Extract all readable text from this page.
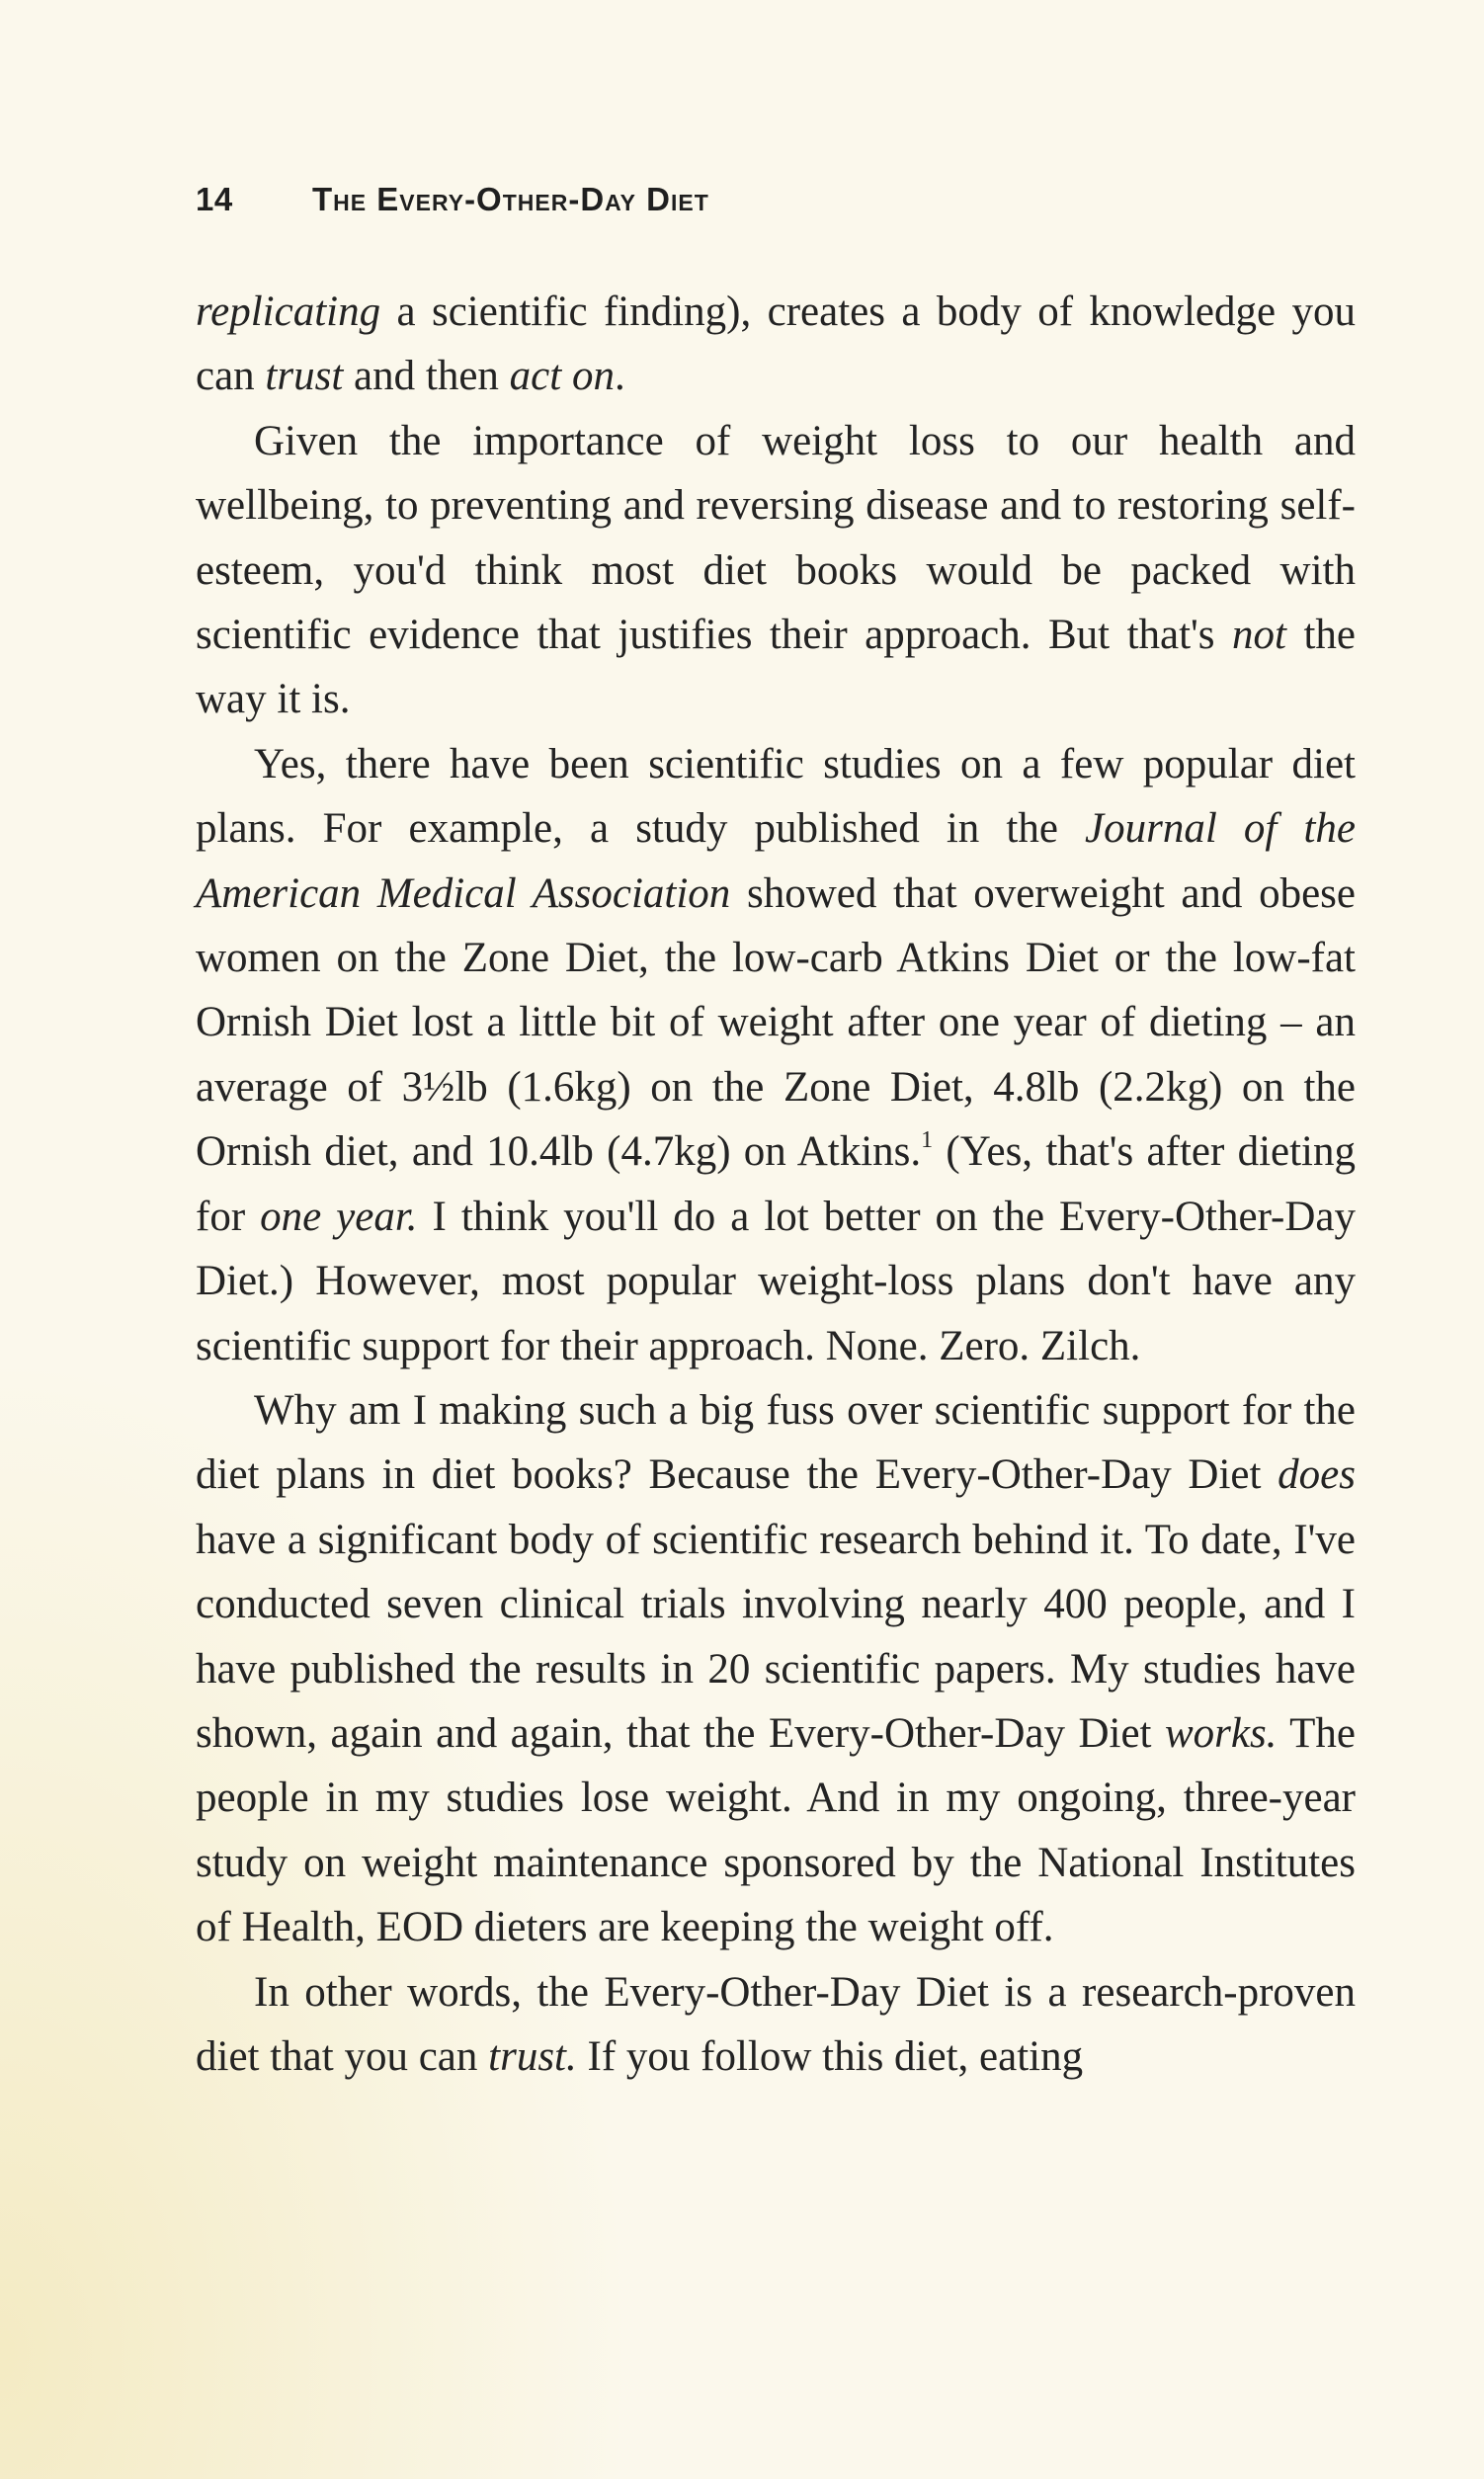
14 The Every-Other-Day Diet

replicating a scientific finding), creates a body of knowledge you can trust and then act on.

Given the importance of weight loss to our health and wellbeing, to preventing and reversing disease and to restoring self-esteem, you'd think most diet books would be packed with scientific evidence that justifies their approach. But that's not the way it is.

Yes, there have been scientific studies on a few popular diet plans. For example, a study published in the Journal of the American Medical Association showed that overweight and obese women on the Zone Diet, the low-carb Atkins Diet or the low-fat Ornish Diet lost a little bit of weight after one year of dieting – an average of 3½lb (1.6kg) on the Zone Diet, 4.8lb (2.2kg) on the Ornish diet, and 10.4lb (4.7kg) on Atkins.$^1$ (Yes, that's after dieting for one year. I think you'll do a lot better on the Every-Other-Day Diet.) However, most popular weight-loss plans don't have any scientific support for their approach. None. Zero. Zilch.

Why am I making such a big fuss over scientific support for the diet plans in diet books? Because the Every-Other-Day Diet does have a significant body of scientific research behind it. To date, I've conducted seven clinical trials involving nearly 400 people, and I have published the results in 20 scientific papers. My studies have shown, again and again, that the Every-Other-Day Diet works. The people in my studies lose weight. And in my ongoing, three-year study on weight maintenance sponsored by the National Institutes of Health, EOD dieters are keeping the weight off.

In other words, the Every-Other-Day Diet is a research-proven diet that you can trust. If you follow this diet, eating
